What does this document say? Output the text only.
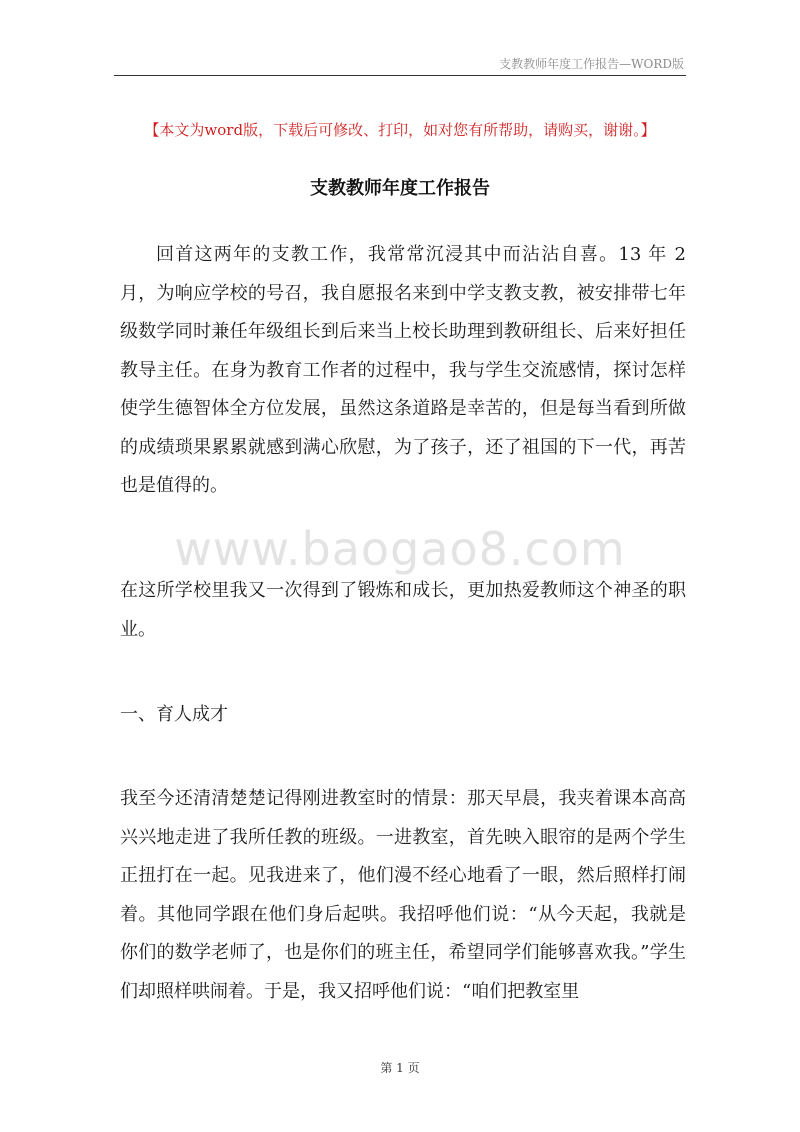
支教教师年度工作报告—WORD版
【本文为word版，下载后可修改、打印，如对您有所帮助，请购买，谢谢。】
支教教师年度工作报告

回首这两年的支教工作，我常常沉浸其中而沾沾自喜。13 年 2 月，为响应学校的号召，我自愿报名来到中学支教支教，被安排带七年级数学同时兼任年级组长到后来当上校长助理到教研组长、后来好担任教导主任。在身为教育工作者的过程中，我与学生交流感情，探讨怎样使学生德智体全方位发展，虽然这条道路是幸苦的，但是每当看到所做的成绩琐果累累就感到满心欣慰，为了孩子，还了祖国的下一代，再苦也是值得的。

www.baogao8.com

在这所学校里我又一次得到了锻炼和成长，更加热爱教师这个神圣的职业。

一、育人成才

我至今还清清楚楚记得刚进教室时的情景：那天早晨，我夹着课本高高兴兴地走进了我所任教的班级。一进教室，首先映入眼帘的是两个学生正扭打在一起。见我进来了，他们漫不经心地看了一眼，然后照样打闹着。其他同学跟在他们身后起哄。我招呼他们说：“从今天起，我就是你们的数学老师了，也是你们的班主任，希望同学们能够喜欢我。”学生们却照样哄闹着。于是，我又招呼他们说：“咱们把教室里

第 1 页
